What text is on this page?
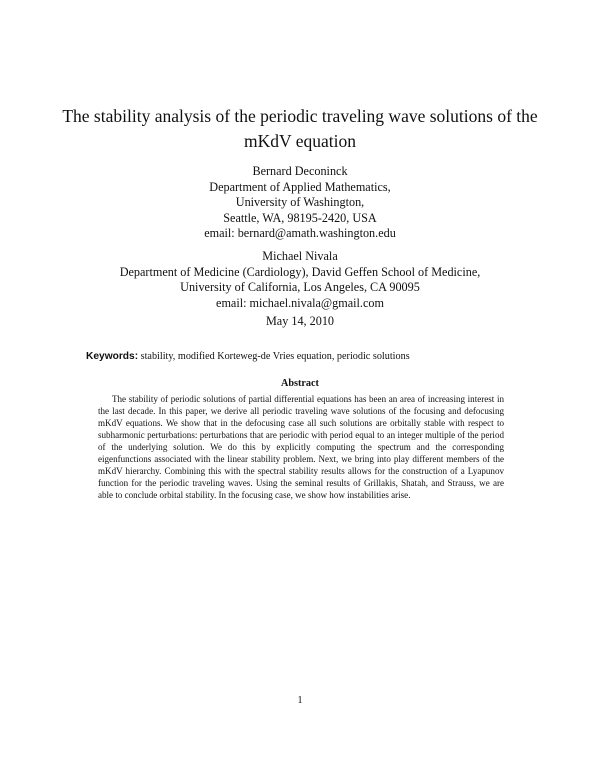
The stability analysis of the periodic traveling wave solutions of the mKdV equation
Bernard Deconinck
Department of Applied Mathematics,
University of Washington,
Seattle, WA, 98195-2420, USA
email: bernard@amath.washington.edu
Michael Nivala
Department of Medicine (Cardiology), David Geffen School of Medicine,
University of California, Los Angeles, CA 90095
email: michael.nivala@gmail.com
May 14, 2010
Keywords: stability, modified Korteweg-de Vries equation, periodic solutions
Abstract

The stability of periodic solutions of partial differential equations has been an area of increasing interest in the last decade. In this paper, we derive all periodic traveling wave solutions of the focusing and defocusing mKdV equations. We show that in the defocusing case all such solutions are orbitally stable with respect to subharmonic perturbations: perturbations that are periodic with period equal to an integer multiple of the period of the underlying solution. We do this by explicitly computing the spectrum and the corresponding eigenfunctions associated with the linear stability problem. Next, we bring into play different members of the mKdV hierarchy. Combining this with the spectral stability results allows for the construction of a Lyapunov function for the periodic traveling waves. Using the seminal results of Grillakis, Shatah, and Strauss, we are able to conclude orbital stability. In the focusing case, we show how instabilities arise.

1
